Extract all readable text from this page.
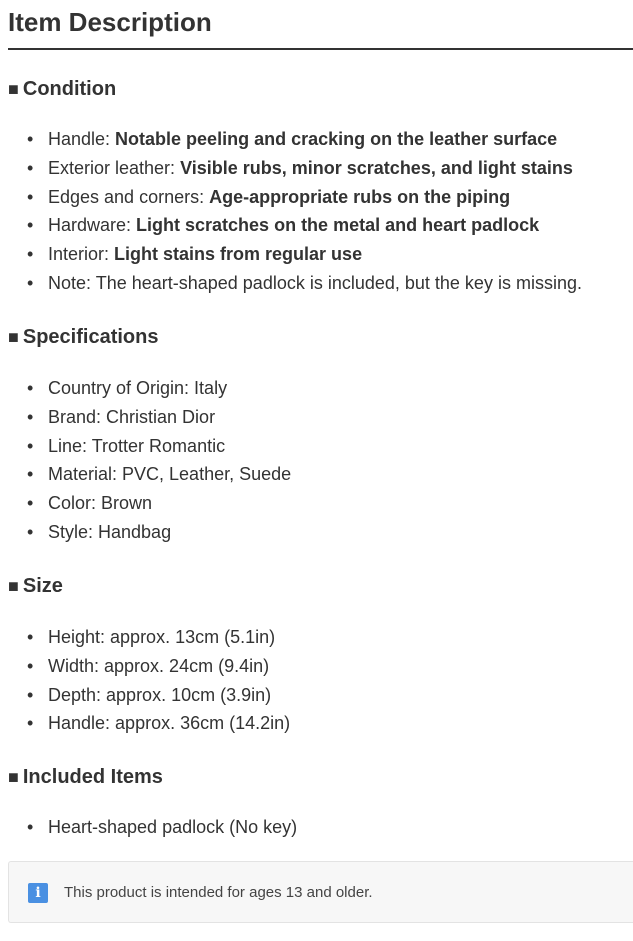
Item Description
■ Condition
• Handle: Notable peeling and cracking on the leather surface
• Exterior leather: Visible rubs, minor scratches, and light stains
• Edges and corners: Age-appropriate rubs on the piping
• Hardware: Light scratches on the metal and heart padlock
• Interior: Light stains from regular use
• Note: The heart-shaped padlock is included, but the key is missing.
■ Specifications
• Country of Origin: Italy
• Brand: Christian Dior
• Line: Trotter Romantic
• Material: PVC, Leather, Suede
• Color: Brown
• Style: Handbag
■ Size
• Height: approx. 13cm (5.1in)
• Width: approx. 24cm (9.4in)
• Depth: approx. 10cm (3.9in)
• Handle: approx. 36cm (14.2in)
■ Included Items
• Heart-shaped padlock (No key)
i	This product is intended for ages 13 and older.
